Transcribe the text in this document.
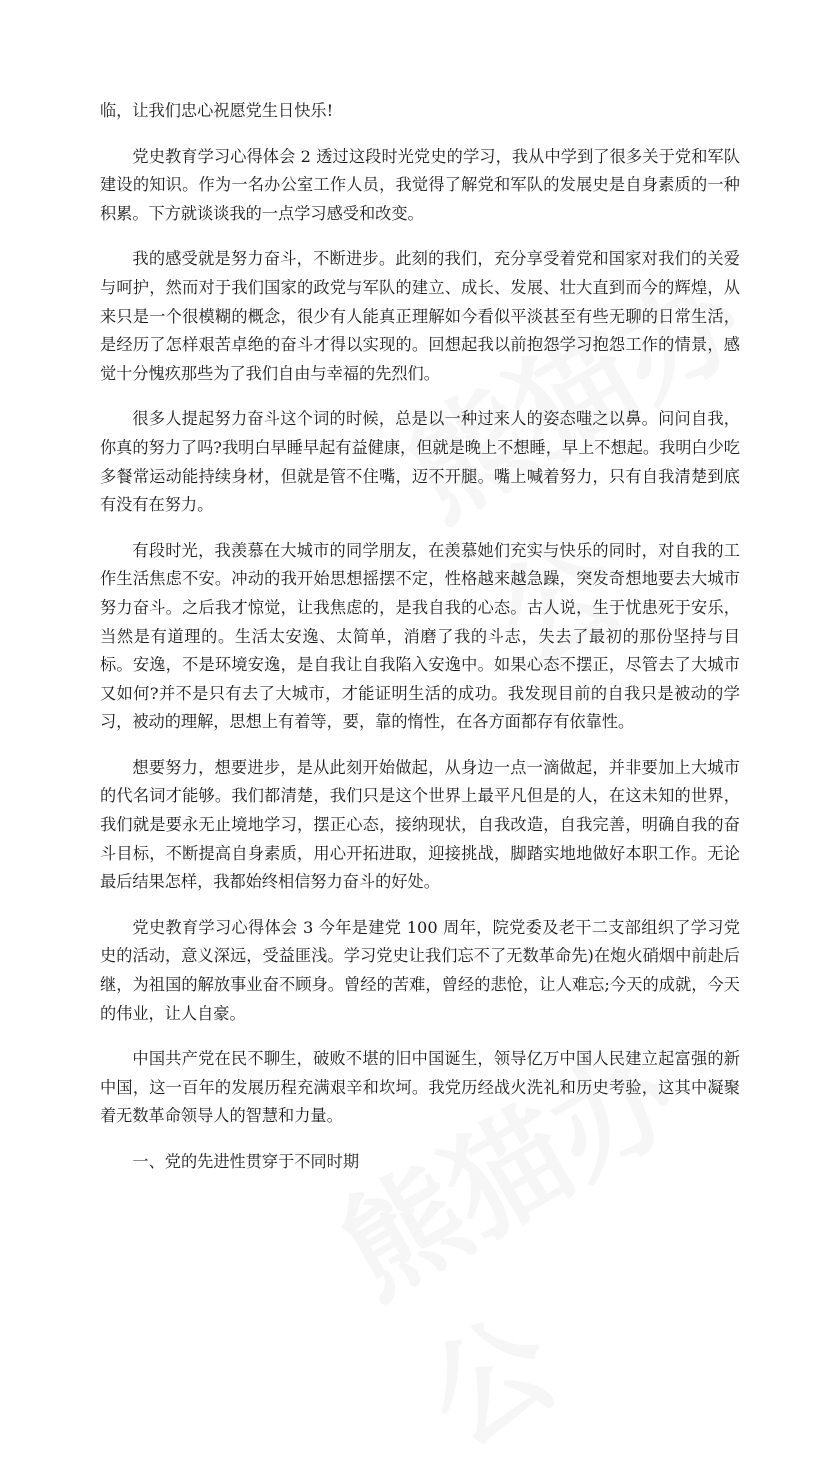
临，让我们忠心祝愿党生日快乐!

党史教育学习心得体会 2 透过这段时光党史的学习，我从中学到了很多关于党和军队建设的知识。作为一名办公室工作人员，我觉得了解党和军队的发展史是自身素质的一种积累。下方就谈谈我的一点学习感受和改变。

我的感受就是努力奋斗，不断进步。此刻的我们，充分享受着党和国家对我们的关爱与呵护，然而对于我们国家的政党与军队的建立、成长、发展、壮大直到而今的辉煌，从来只是一个很模糊的概念，很少有人能真正理解如今看似平淡甚至有些无聊的日常生活，是经历了怎样艰苦卓绝的奋斗才得以实现的。回想起我以前抱怨学习抱怨工作的情景，感觉十分愧疚那些为了我们自由与幸福的先烈们。

很多人提起努力奋斗这个词的时候，总是以一种过来人的姿态嗤之以鼻。问问自我，你真的努力了吗?我明白早睡早起有益健康，但就是晚上不想睡，早上不想起。我明白少吃多餐常运动能持续身材，但就是管不住嘴，迈不开腿。嘴上喊着努力，只有自我清楚到底有没有在努力。

有段时光，我羡慕在大城市的同学朋友，在羡慕她们充实与快乐的同时，对自我的工作生活焦虑不安。冲动的我开始思想摇摆不定，性格越来越急躁，突发奇想地要去大城市努力奋斗。之后我才惊觉，让我焦虑的，是我自我的心态。古人说，生于忧患死于安乐，当然是有道理的。生活太安逸、太简单，消磨了我的斗志，失去了最初的那份坚持与目标。安逸，不是环境安逸，是自我让自我陷入安逸中。如果心态不摆正，尽管去了大城市又如何?并不是只有去了大城市，才能证明生活的成功。我发现目前的自我只是被动的学习，被动的理解，思想上有着等，要，靠的惰性，在各方面都存有依靠性。

想要努力，想要进步，是从此刻开始做起，从身边一点一滴做起，并非要加上大城市的代名词才能够。我们都清楚，我们只是这个世界上最平凡但是的人，在这未知的世界，我们就是要永无止境地学习，摆正心态，接纳现状，自我改造，自我完善，明确自我的奋斗目标，不断提高自身素质，用心开拓进取，迎接挑战，脚踏实地地做好本职工作。无论最后结果怎样，我都始终相信努力奋斗的好处。

党史教育学习心得体会 3 今年是建党 100 周年，院党委及老干二支部组织了学习党史的活动，意义深远，受益匪浅。学习党史让我们忘不了无数革命先)在炮火硝烟中前赴后继，为祖国的解放事业奋不顾身。曾经的苦难，曾经的悲怆，让人难忘;今天的成就，今天的伟业，让人自豪。

中国共产党在民不聊生，破败不堪的旧中国诞生，领导亿万中国人民建立起富强的新中国，这一百年的发展历程充满艰辛和坎坷。我党历经战火洗礼和历史考验，这其中凝聚着无数革命领导人的智慧和力量。

一、党的先进性贯穿于不同时期
